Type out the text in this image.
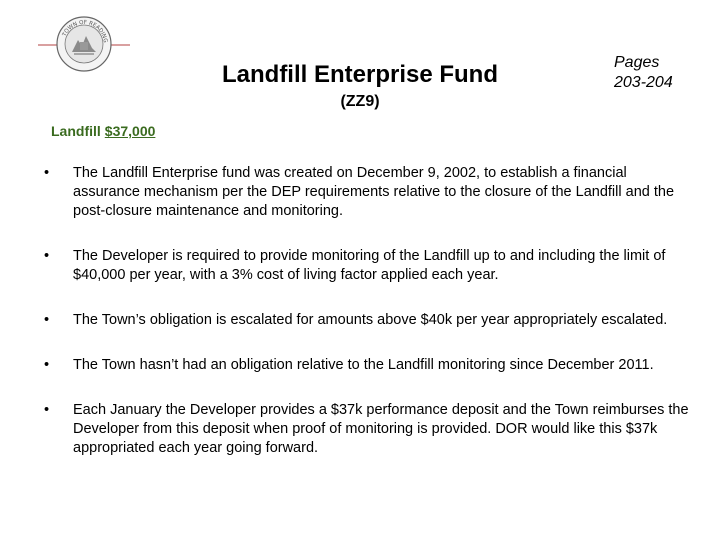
TOWN OF READING
Landfill Enterprise Fund
(ZZ9)
Pages
203-204
Landfill $37,000
• The Landfill Enterprise fund was created on December 9, 2002, to establish a financial assurance mechanism per the DEP requirements relative to the closure of the Landfill and the post-closure maintenance and monitoring.
• The Developer is required to provide monitoring of the Landfill up to and including the limit of $40,000 per year, with a 3% cost of living factor applied each year.
• The Town’s obligation is escalated for amounts above $40k per year appropriately escalated.
• The Town hasn’t had an obligation relative to the Landfill monitoring since December 2011.
• Each January the Developer provides a $37k performance deposit and the Town reimburses the Developer from this deposit when proof of monitoring is provided. DOR would like this $37k appropriated each year going forward.
